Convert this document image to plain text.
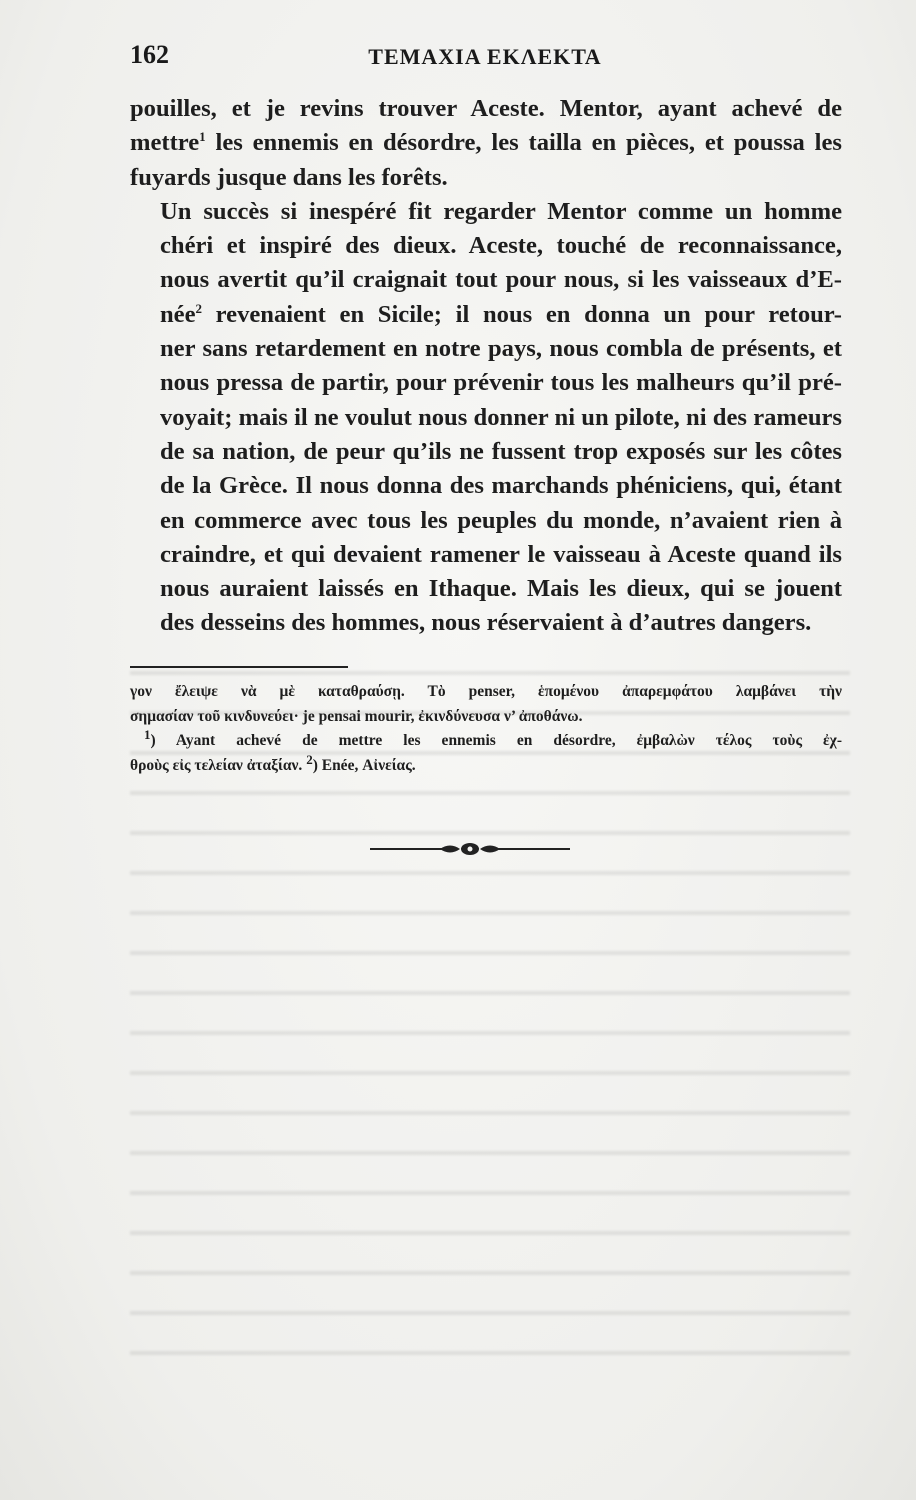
162	ΤΕΜΑΧΙΑ ΕΚΛΕΚΤΑ

pouilles, et je revins trouver Aceste. Mentor, ayant achevé de
mettre$^1$ les ennemis en désordre, les tailla en pièces, et poussa les
fuyards jusque dans les forêts.

Un succès si inespéré fit regarder Mentor comme un homme
chéri et inspiré des dieux. Aceste, touché de reconnaissance,
nous avertit qu’il craignait tout pour nous, si les vaisseaux d’E-
née$^2$ revenaient en Sicile; il nous en donna un pour retour-
ner sans retardement en notre pays, nous combla de présents, et
nous pressa de partir, pour prévenir tous les malheurs qu’il pré-
voyait; mais il ne voulut nous donner ni un pilote, ni des rameurs
de sa nation, de peur qu’ils ne fussent trop exposés sur les côtes
de la Grèce. Il nous donna des marchands phéniciens, qui, étant
en commerce avec tous les peuples du monde, n’avaient rien à
craindre, et qui devaient ramener le vaisseau à Aceste quand ils
nous auraient laissés en Ithaque. Mais les dieux, qui se jouent
des desseins des hommes, nous réservaient à d’autres dangers.

γον ἔλειψε νὰ μὲ καταθραύσῃ. Τὸ penser, ἑπομένου ἀπαρεμφάτου λαμβάνει τὴν
σημασίαν τοῦ κινδυνεύει· je pensai mourir, ἐκινδύνευσα ν’ ἀποθάνω.
$^1$) Ayant achevé de mettre les ennemis en désordre, ἐμβαλὼν τέλος τοὺς ἐχ-
θροὺς εἰς τελείαν ἀταξίαν. $^2$) Enée, Αἰνείας.
